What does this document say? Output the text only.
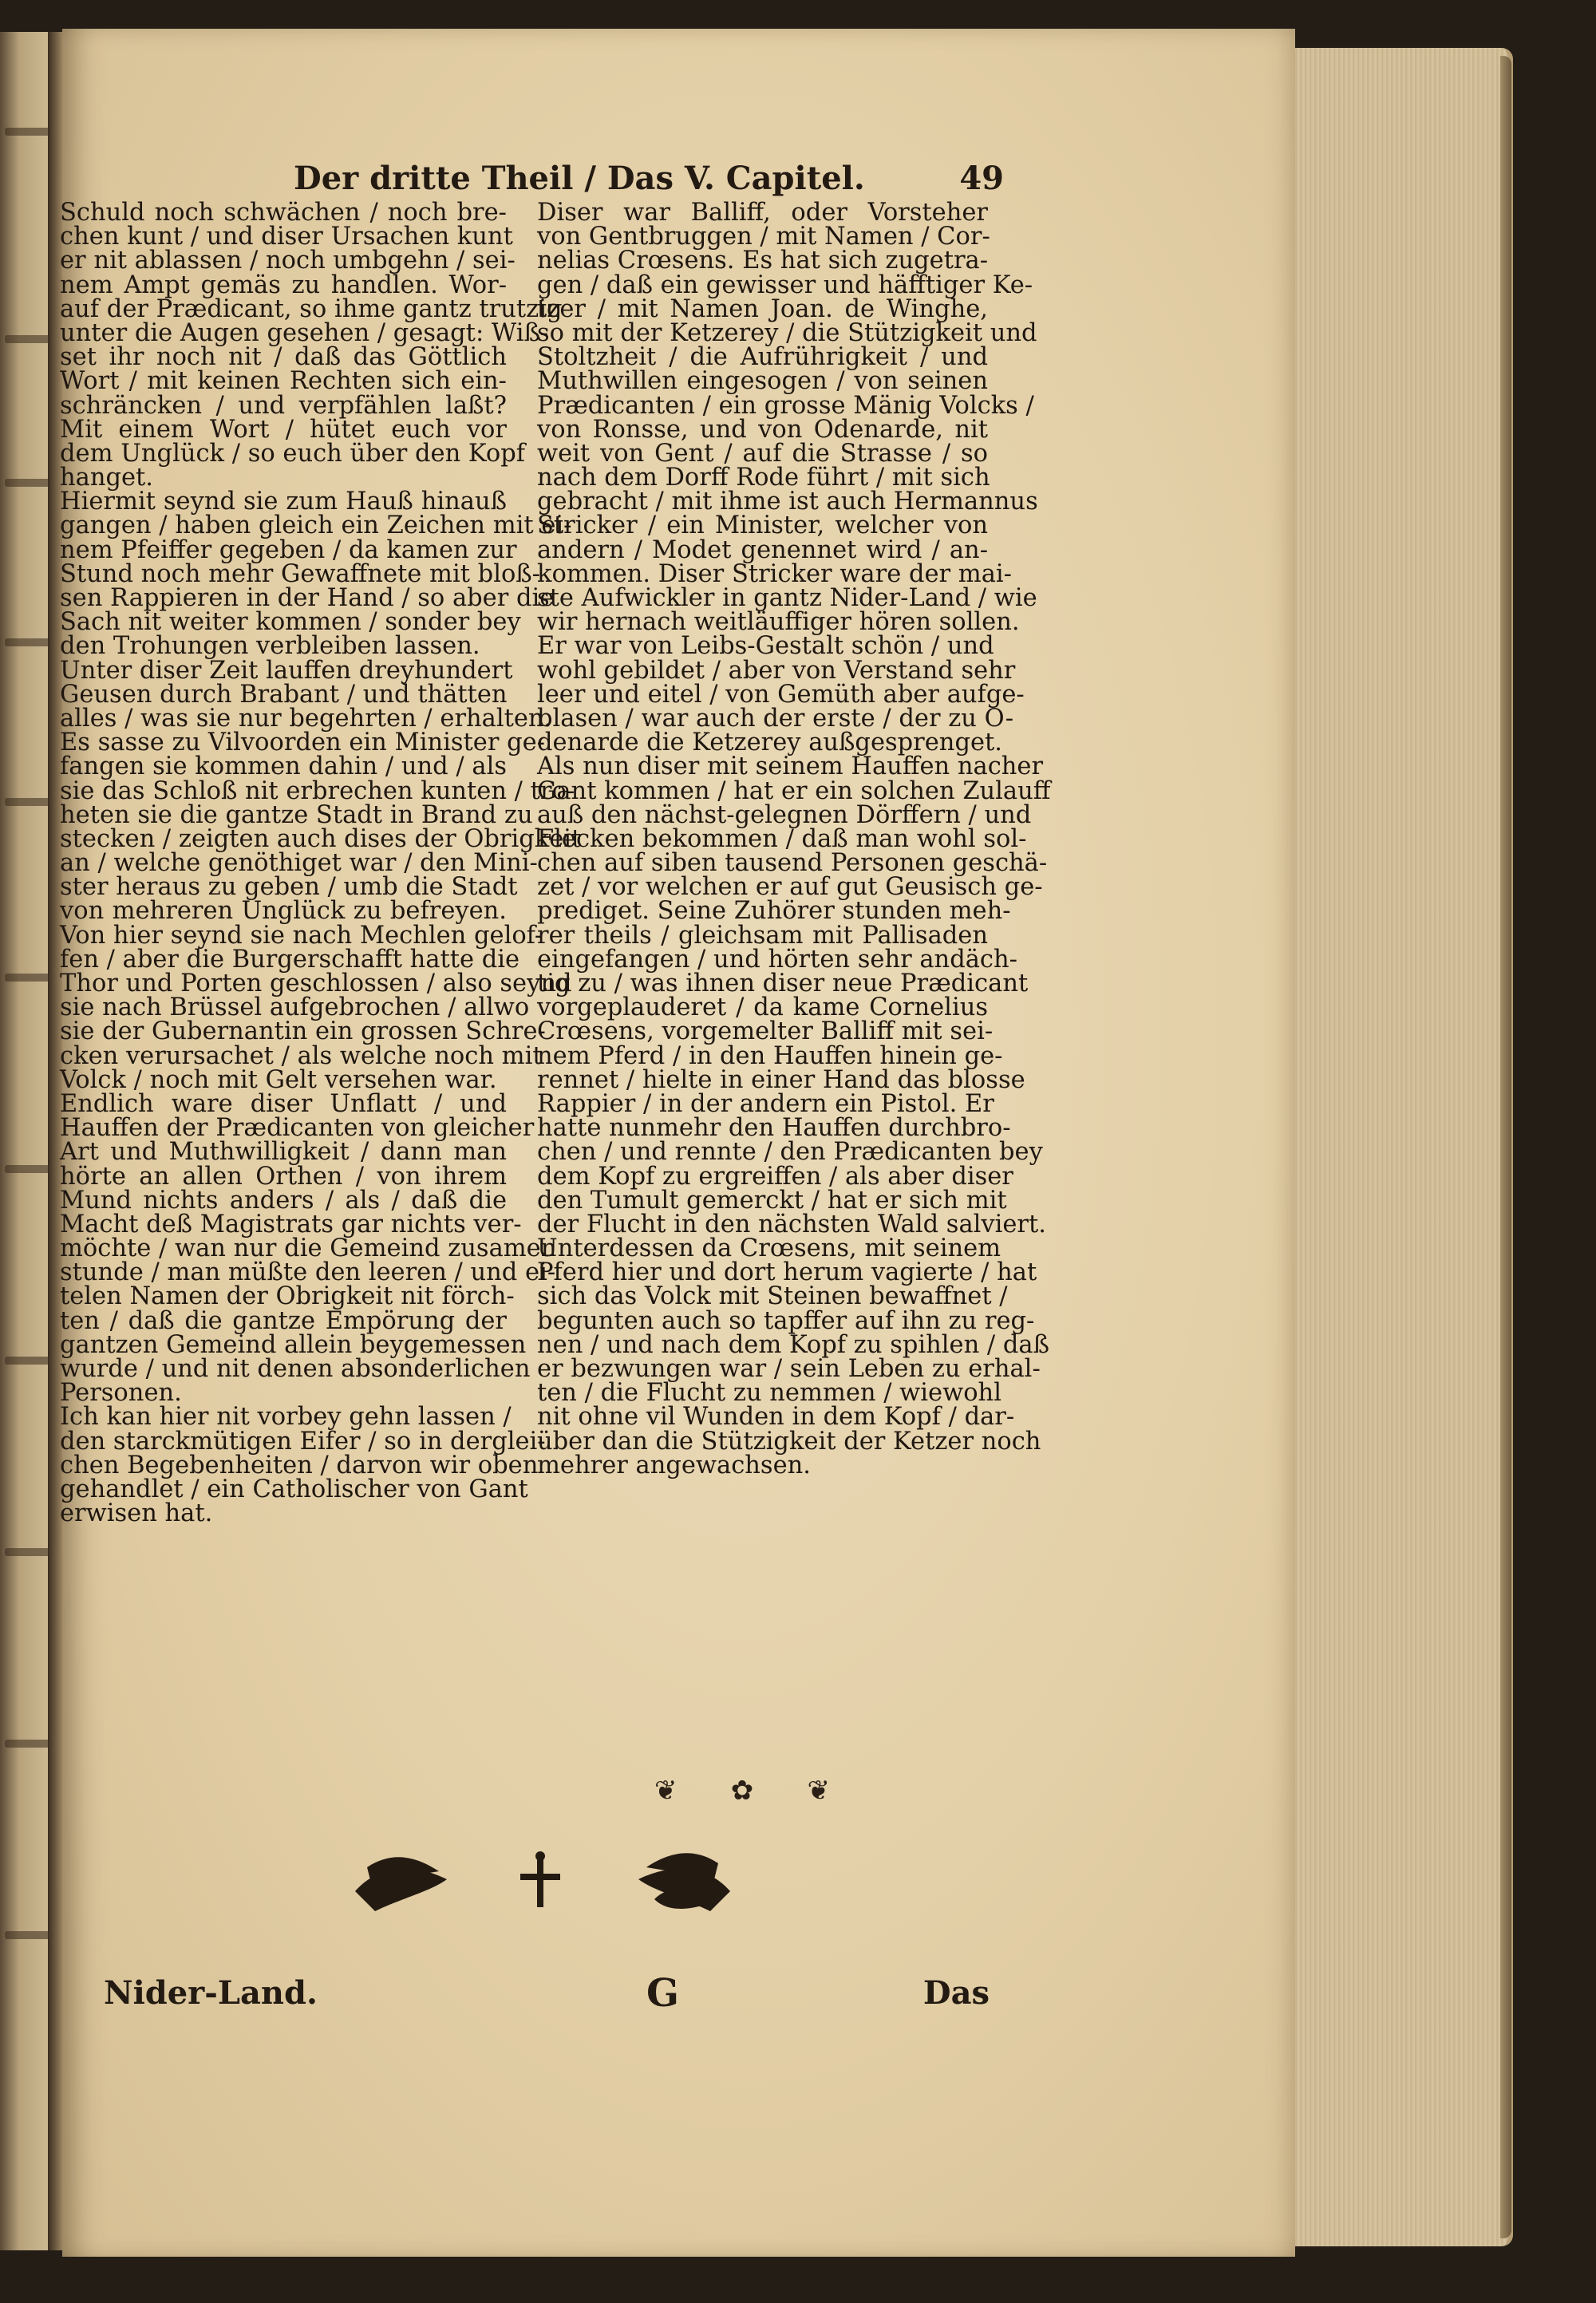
Der dritte Theil / Das V. Capitel.	49
Schuld noch schwächen / noch bre-
chen kunt / und diser Ursachen kunt
er nit ablassen / noch umbgehn / sei-
nem Ampt gemäs zu handlen. Wor-
auf der Prædicant, so ihme gantz trutzig
unter die Augen gesehen / gesagt: Wiß-
set ihr noch nit / daß das Göttlich
Wort / mit keinen Rechten sich ein-
schräncken / und verpfählen laßt?
Mit einem Wort / hütet euch vor
dem Unglück / so euch über den Kopf
hanget.
Hiermit seynd sie zum Hauß hinauß
gangen / haben gleich ein Zeichen mit ei-
nem Pfeiffer gegeben / da kamen zur
Stund noch mehr Gewaffnete mit bloß-
sen Rappieren in der Hand / so aber die
Sach nit weiter kommen / sonder bey
den Trohungen verbleiben lassen.
Unter diser Zeit lauffen dreyhundert
Geusen durch Brabant / und thätten
alles / was sie nur begehrten / erhalten.
Es sasse zu Vilvoorden ein Minister ge-
fangen sie kommen dahin / und / als
sie das Schloß nit erbrechen kunten / tro-
heten sie die gantze Stadt in Brand zu
stecken / zeigten auch dises der Obrigkeit
an / welche genöthiget war / den Mini-
ster heraus zu geben / umb die Stadt
von mehreren Unglück zu befreyen.
Von hier seynd sie nach Mechlen gelof-
fen / aber die Burgerschafft hatte die
Thor und Porten geschlossen / also seynd
sie nach Brüssel aufgebrochen / allwo
sie der Gubernantin ein grossen Schre-
cken verursachet / als welche noch mit
Volck / noch mit Gelt versehen war.
Endlich ware diser Unflatt / und
Hauffen der Prædicanten von gleicher
Art und Muthwilligkeit / dann man
hörte an allen Orthen / von ihrem
Mund nichts anders / als / daß die
Macht deß Magistrats gar nichts ver-
möchte / wan nur die Gemeind zusamen
stunde / man müßte den leeren / und ei-
telen Namen der Obrigkeit nit förch-
ten / daß die gantze Empörung der
gantzen Gemeind allein beygemessen
wurde / und nit denen absonderlichen
Personen.
Ich kan hier nit vorbey gehn lassen /
den starckmütigen Eifer / so in derglei-
chen Begebenheiten / darvon wir oben
gehandlet / ein Catholischer von Gant
erwisen hat.
Diser war Balliff, oder Vorsteher
von Gentbruggen / mit Namen / Cor-
nelias Crœsens. Es hat sich zugetra-
gen / daß ein gewisser und häfftiger Ke-
tzer / mit Namen Joan. de Winghe,
so mit der Ketzerey / die Stützigkeit und
Stoltzheit / die Aufrührigkeit / und
Muthwillen eingesogen / von seinen
Prædicanten / ein grosse Mänig Volcks /
von Ronsse, und von Odenarde, nit
weit von Gent / auf die Strasse / so
nach dem Dorff Rode führt / mit sich
gebracht / mit ihme ist auch Hermannus
Stricker / ein Minister, welcher von
andern / Modet genennet wird / an-
kommen. Diser Stricker ware der mai-
ste Aufwickler in gantz Nider-Land / wie
wir hernach weitläuffiger hören sollen.
Er war von Leibs-Gestalt schön / und
wohl gebildet / aber von Verstand sehr
leer und eitel / von Gemüth aber aufge-
blasen / war auch der erste / der zu O-
denarde die Ketzerey außgesprenget.
Als nun diser mit seinem Hauffen nacher
Gant kommen / hat er ein solchen Zulauff
auß den nächst-gelegnen Dörffern / und
Flecken bekommen / daß man wohl sol-
chen auf siben tausend Personen geschä-
zet / vor welchen er auf gut Geusisch ge-
prediget. Seine Zuhörer stunden meh-
rer theils / gleichsam mit Pallisaden
eingefangen / und hörten sehr andäch-
tig zu / was ihnen diser neue Prædicant
vorgeplauderet / da kame Cornelius
Crœsens, vorgemelter Balliff mit sei-
nem Pferd / in den Hauffen hinein ge-
rennet / hielte in einer Hand das blosse
Rappier / in der andern ein Pistol. Er
hatte nunmehr den Hauffen durchbro-
chen / und rennte / den Prædicanten bey
dem Kopf zu ergreiffen / als aber diser
den Tumult gemerckt / hat er sich mit
der Flucht in den nächsten Wald salviert.
Unterdessen da Crœsens, mit seinem
Pferd hier und dort herum vagierte / hat
sich das Volck mit Steinen bewaffnet /
begunten auch so tapffer auf ihn zu reg-
nen / und nach dem Kopf zu spihlen / daß
er bezwungen war / sein Leben zu erhal-
ten / die Flucht zu nemmen / wiewohl
nit ohne vil Wunden in dem Kopf / dar-
über dan die Stützigkeit der Ketzer noch
mehrer angewachsen.
❦ ✿ ❦
Nider-Land.	G	Das
